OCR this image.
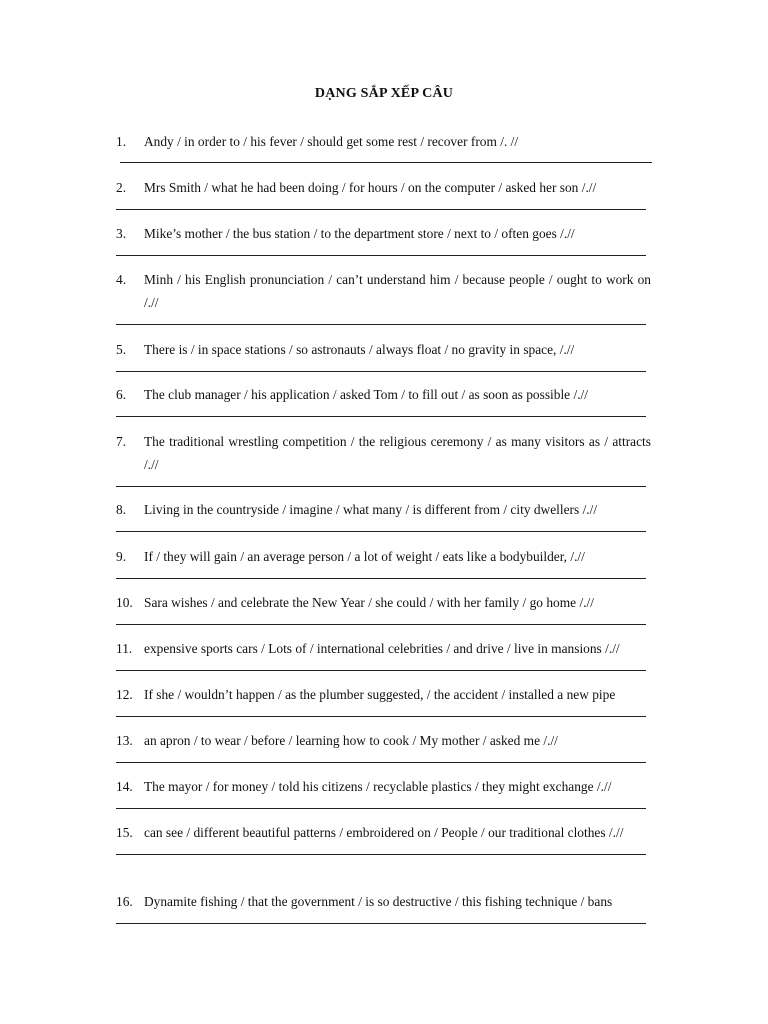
DẠNG SẮP XẾP CÂU
1. Andy / in order to / his fever / should get some rest / recover from /. //
2. Mrs Smith / what he had been doing / for hours / on the computer / asked her son /.//
3. Mike’s mother / the bus station / to the department store / next to / often goes /.//
4. Minh / his English pronunciation / can’t understand him / because people / ought to work on /.//
5. There is / in space stations / so astronauts / always float / no gravity in space, /.//
6. The club manager / his application / asked Tom / to fill out / as soon as possible /.//
7. The traditional wrestling competition / the religious ceremony / as many visitors as / attracts /.//
8. Living in the countryside / imagine / what many / is different from / city dwellers /.//
9. If / they will gain / an average person / a lot of weight / eats like a bodybuilder, /.//
10. Sara wishes / and celebrate the New Year / she could / with her family / go home /.//
11. expensive sports cars / Lots of / international celebrities / and drive / live in mansions /.//
12. If she / wouldn’t happen / as the plumber suggested, / the accident / installed a new pipe
13. an apron / to wear / before / learning how to cook / My mother / asked me /.//
14. The mayor / for money / told his citizens / recyclable plastics / they might exchange /.//
15. can see / different beautiful patterns / embroidered on / People / our traditional clothes /.//
16. Dynamite fishing / that the government / is so destructive / this fishing technique / bans
